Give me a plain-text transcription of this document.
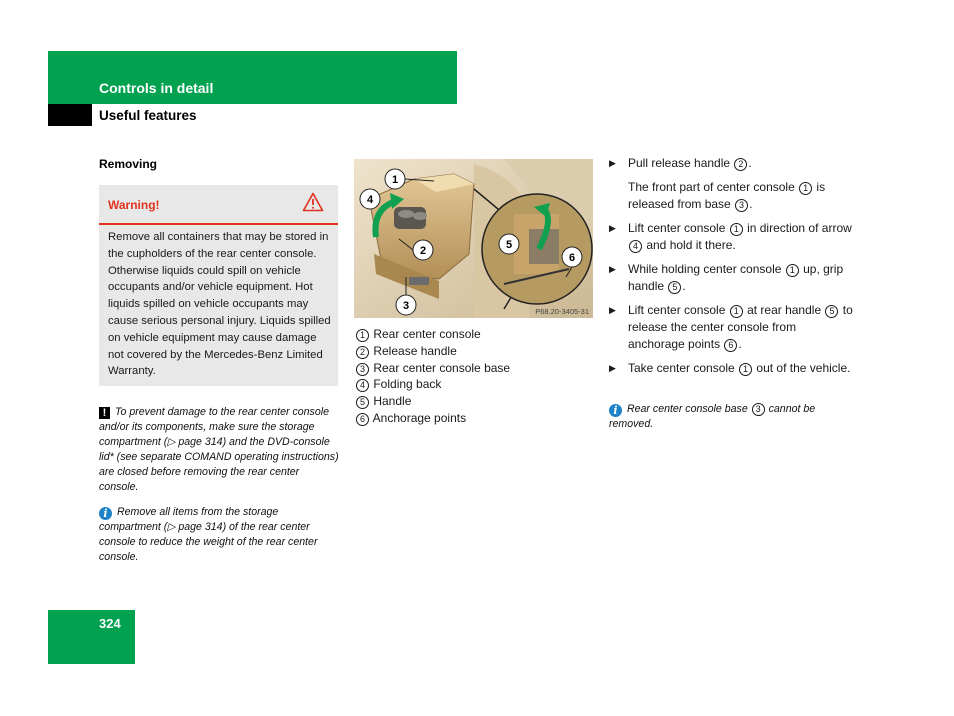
Controls in detail
Useful features
Removing
Warning!
Remove all containers that may be stored in the cupholders of the rear center console. Otherwise liquids could spill on vehicle occupants and/or vehicle equipment. Hot liquids spilled on vehicle occupants may cause serious personal injury. Liquids spilled on vehicle equipment may cause damage not covered by the Mercedes-Benz Limited Warranty.
! To prevent damage to the rear center console and/or its components, make sure the storage compartment (▷ page 314) and the DVD-console lid* (see separate COMAND operating instructions) are closed before removing the rear center console.
i Remove all items from the storage compartment (▷ page 314) of the rear center console to reduce the weight of the rear center console.
1
2
3
4
5
6
P68.20-3405-31
1 Rear center console
2 Release handle
3 Rear center console base
4 Folding back
5 Handle
6 Anchorage points
▶ Pull release handle 2 .
The front part of center console 1 is released from base 3 .
▶ Lift center console 1 in direction of arrow 4 and hold it there.
▶ While holding center console 1 up, grip handle 5 .
▶ Lift center console 1 at rear handle 5 to release the center console from anchorage points 6 .
▶ Take center console 1 out of the vehicle.
i Rear center console base 3 cannot be removed.
324
